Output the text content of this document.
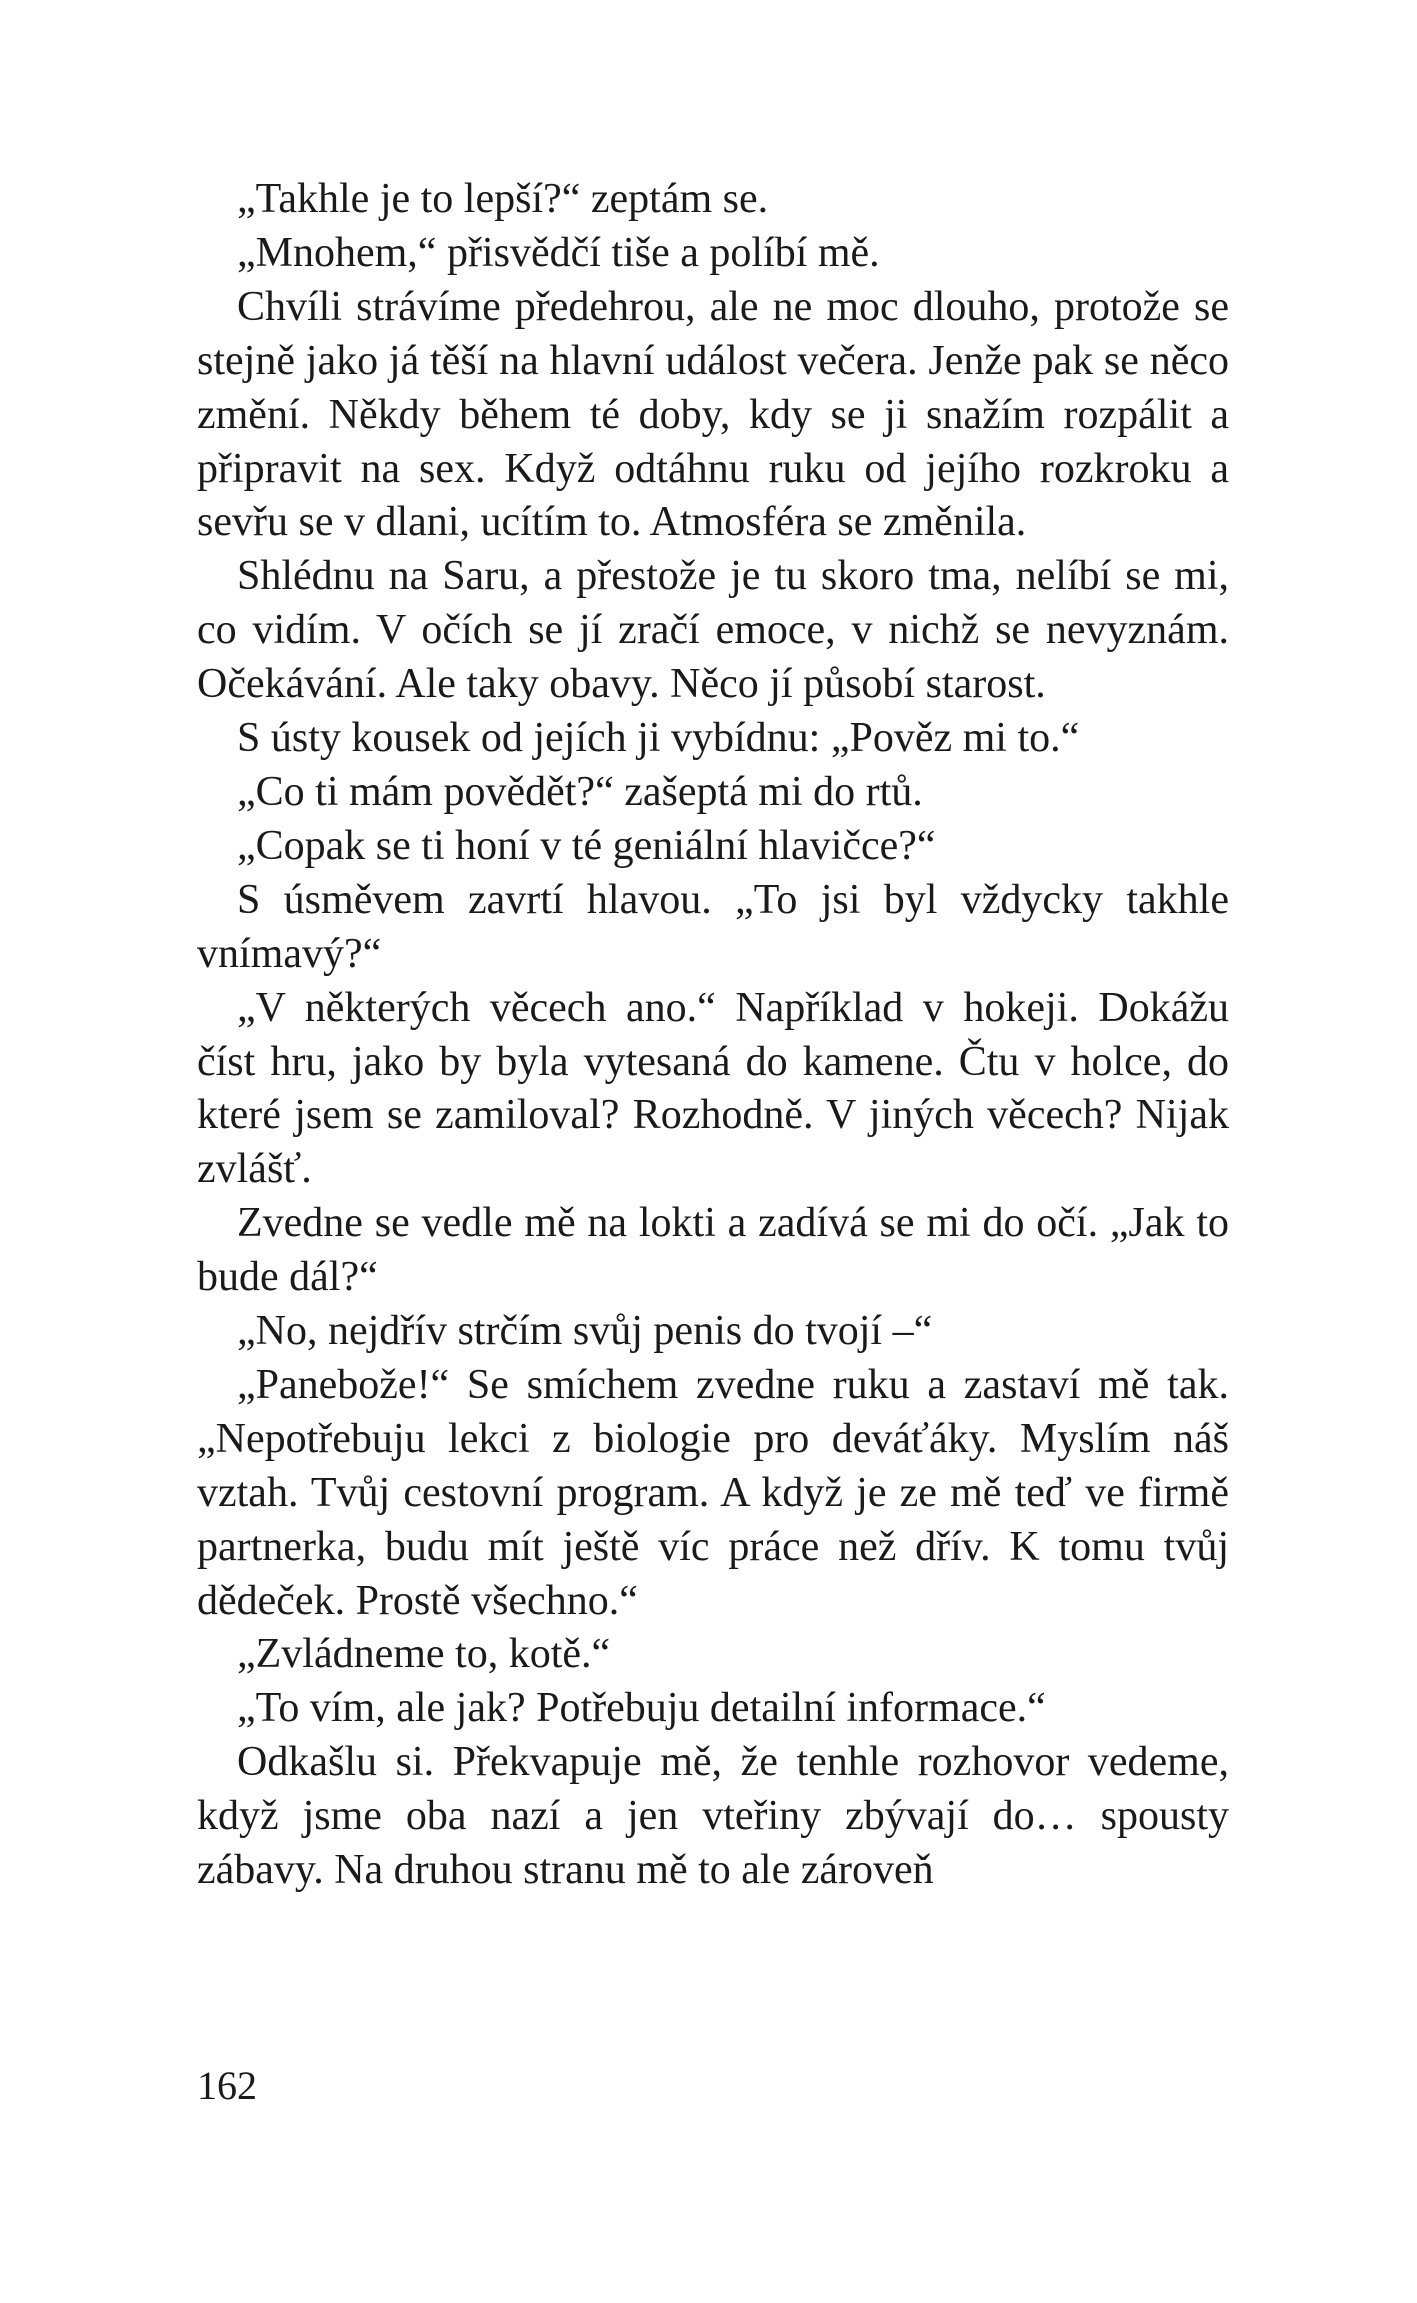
„Takhle je to lepší?“ zeptám se.

„Mnohem,“ přisvědčí tiše a políbí mě.

Chvíli strávíme předehrou, ale ne moc dlouho, protože se stejně jako já těší na hlavní událost večera. Jenže pak se něco změní. Někdy během té doby, kdy se ji snažím rozpálit a připravit na sex. Když odtáhnu ruku od jejího rozkroku a sevřu se v dlani, ucítím to. Atmosféra se změnila.

Shlédnu na Saru, a přestože je tu skoro tma, nelíbí se mi, co vidím. V očích se jí zračí emoce, v nichž se nevyznám. Očekávání. Ale taky obavy. Něco jí působí starost.

S ústy kousek od jejích ji vybídnu: „Pověz mi to.“

„Co ti mám povědět?“ zašeptá mi do rtů.

„Copak se ti honí v té geniální hlavičce?“

S úsměvem zavrtí hlavou. „To jsi byl vždycky takhle vnímavý?“

„V některých věcech ano.“ Například v hokeji. Dokážu číst hru, jako by byla vytesaná do kamene. Čtu v holce, do které jsem se zamiloval? Rozhodně. V jiných věcech? Nijak zvlášť.

Zvedne se vedle mě na lokti a zadívá se mi do očí. „Jak to bude dál?“

„No, nejdřív strčím svůj penis do tvojí –“

„Panebože!“ Se smíchem zvedne ruku a zastaví mě tak. „Nepotřebuju lekci z biologie pro deváťáky. Myslím náš vztah. Tvůj cestovní program. A když je ze mě teď ve firmě partnerka, budu mít ještě víc práce než dřív. K tomu tvůj dědeček. Prostě všechno.“

„Zvládneme to, kotě.“

„To vím, ale jak? Potřebuju detailní informace.“

Odkašlu si. Překvapuje mě, že tenhle rozhovor vedeme, když jsme oba nazí a jen vteřiny zbývají do… spousty zábavy. Na druhou stranu mě to ale zároveň

162
